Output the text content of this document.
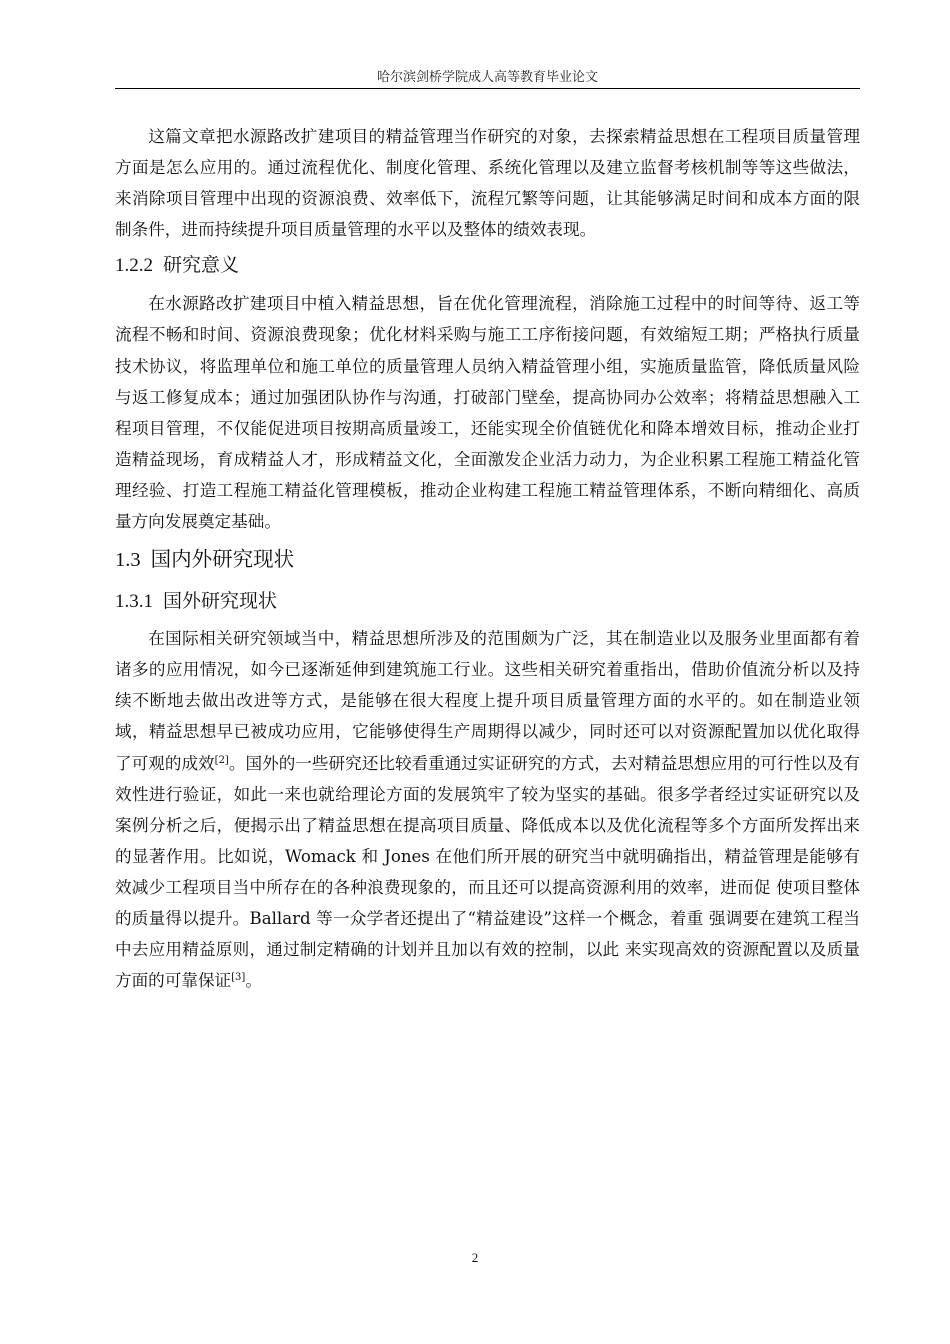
哈尔滨剑桥学院成人高等教育毕业论文

这篇文章把水源路改扩建项目的精益管理当作研究的对象，去探索精益思想在工程项目质量管理方面是怎么应用的。通过流程优化、制度化管理、系统化管理以及建立监督考核机制等等这些做法，来消除项目管理中出现的资源浪费、效率低下，流程冗繁等问题，让其能够满足时间和成本方面的限制条件，进而持续提升项目质量管理的水平以及整体的绩效表现。

1.2.2 研究意义

在水源路改扩建项目中植入精益思想，旨在优化管理流程，消除施工过程中的时间等待、返工等流程不畅和时间、资源浪费现象；优化材料采购与施工工序衔接问题，有效缩短工期；严格执行质量技术协议，将监理单位和施工单位的质量管理人员纳入精益管理小组，实施质量监管，降低质量风险与返工修复成本；通过加强团队协作与沟通，打破部门壁垒，提高协同办公效率；将精益思想融入工程项目管理，不仅能促进项目按期高质量竣工，还能实现全价值链优化和降本增效目标，推动企业打造精益现场，育成精益人才，形成精益文化，全面激发企业活力动力，为企业积累工程施工精益化管理经验、打造工程施工精益化管理模板，推动企业构建工程施工精益管理体系，不断向精细化、高质量方向发展奠定基础。

1.3 国内外研究现状
1.3.1 国外研究现状

在国际相关研究领域当中，精益思想所涉及的范围颇为广泛，其在制造业以及服务业里面都有着诸多的应用情况，如今已逐渐延伸到建筑施工行业。这些相关研究着重指出，借助价值流分析以及持续不断地去做出改进等方式，是能够在很大程度上提升项目质量管理方面的水平的。如在制造业领域，精益思想早已被成功应用，它能够使得生产周期得以减少，同时还可以对资源配置加以优化取得了可观的成效[2]。国外的一些研究还比较看重通过实证研究的方式，去对精益思想应用的可行性以及有效性进行验证，如此一来也就给理论方面的发展筑牢了较为坚实的基础。很多学者经过实证研究以及案例分析之后，便揭示出了精益思想在提高项目质量、降低成本以及优化流程等多个方面所发挥出来的显著作用。比如说，Womack 和 Jones 在他们所开展的研究当中就明确指出，精益管理是能够有 效减少工程项目当中所存在的各种浪费现象的，而且还可以提高资源利用的效率，进而促 使项目整体的质量得以提升。Ballard 等一众学者还提出了“精益建设”这样一个概念，着重 强调要在建筑工程当中去应用精益原则，通过制定精确的计划并且加以有效的控制，以此 来实现高效的资源配置以及质量方面的可靠保证[3]。

2
